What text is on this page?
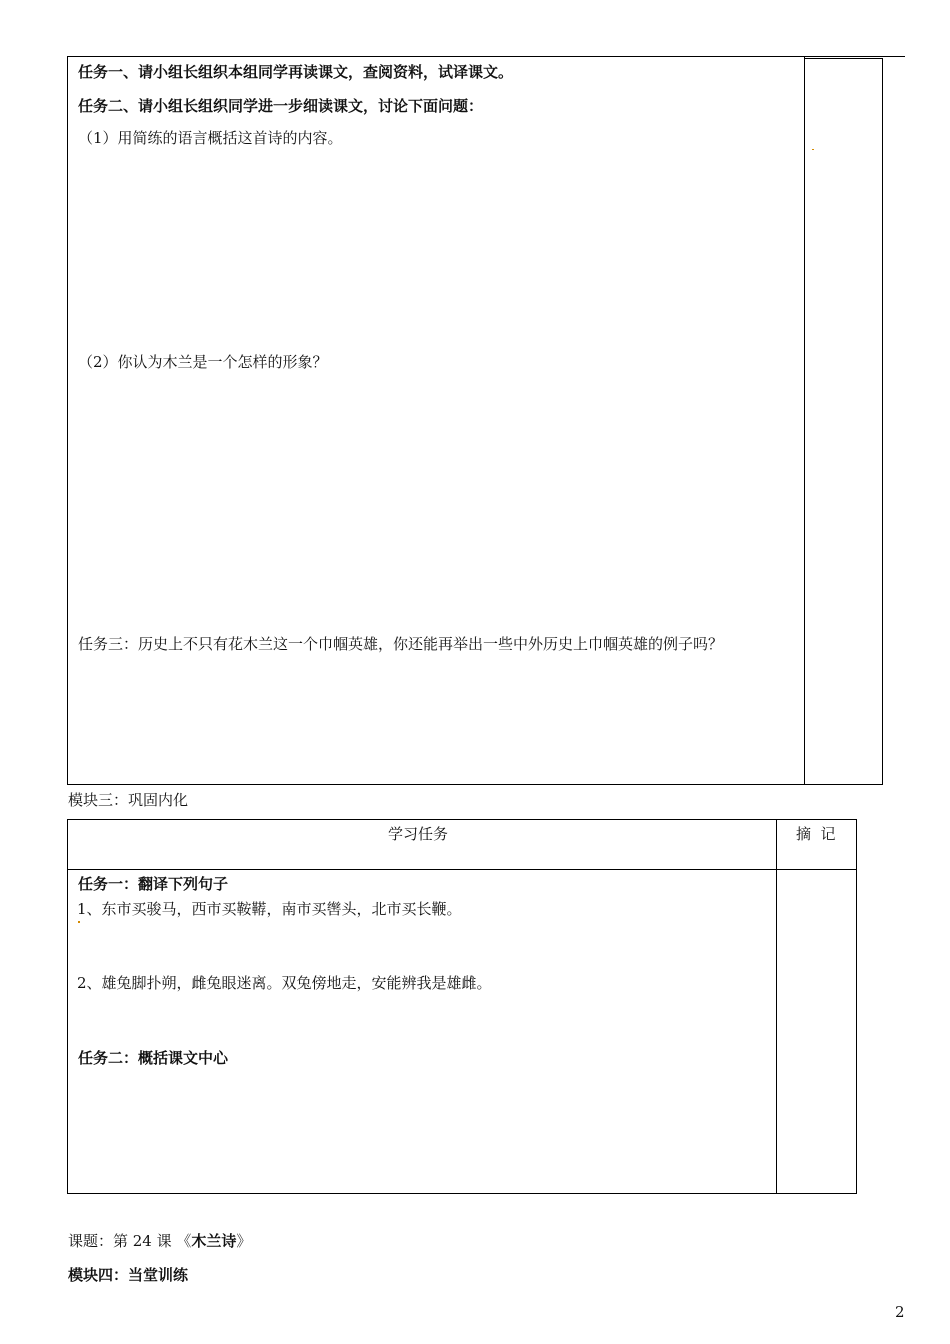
任务一、请小组长组织本组同学再读课文，查阅资料，试译课文。
任务二、请小组长组织同学进一步细读课文，讨论下面问题：
（1）用简练的语言概括这首诗的内容。
（2）你认为木兰是一个怎样的形象？
任务三：历史上不只有花木兰这一个巾帼英雄，你还能再举出一些中外历史上巾帼英雄的例子吗？
模块三：巩固内化
学习任务	摘  记
任务一：翻译下列句子
1、东市买骏马，西市买鞍鞯，南市买辔头，北市买长鞭。
2、雄兔脚扑朔，雌兔眼迷离。双兔傍地走，安能辨我是雄雌。
任务二：概括课文中心
课题：第 24 课 《木兰诗》
模块四：当堂训练
2
